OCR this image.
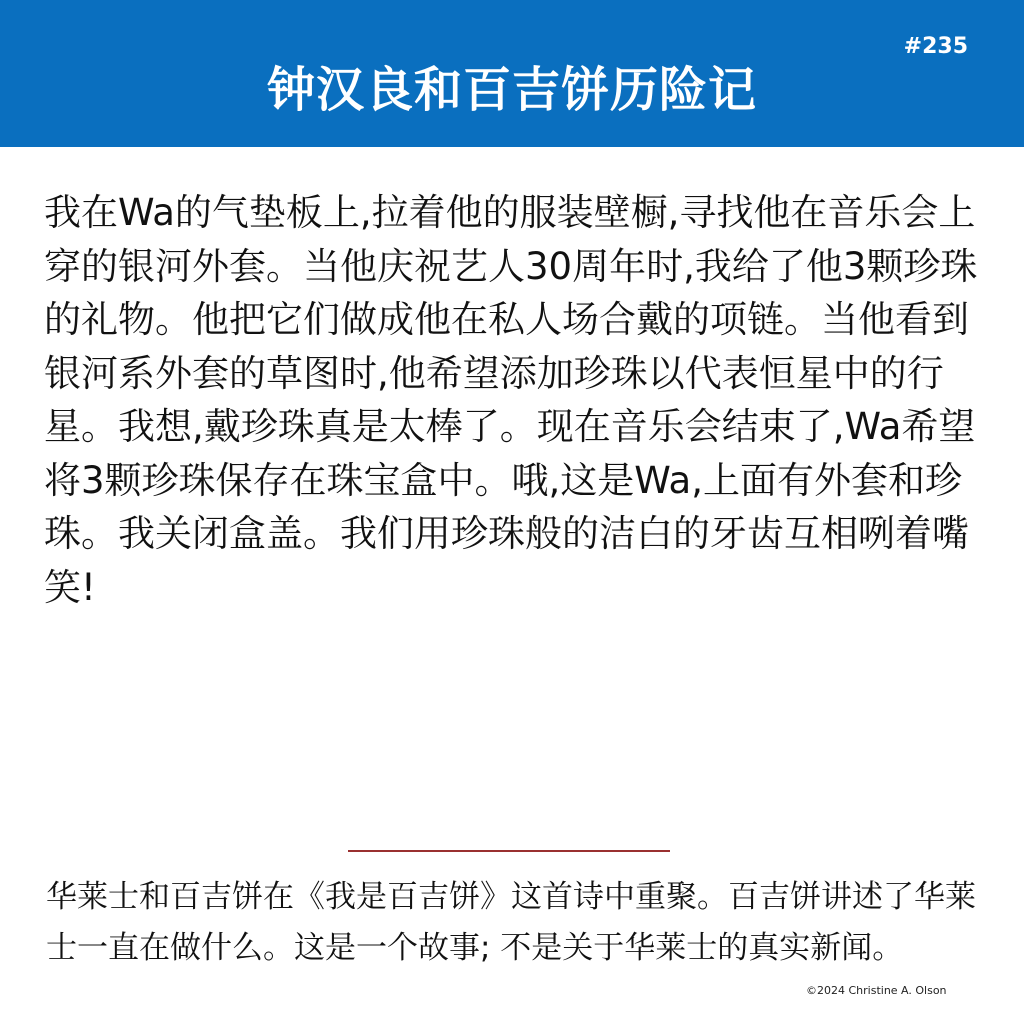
钟汉良和百吉饼历险记
#235

我在Wa的气垫板上,拉着他的服装壁橱,寻找他在音乐会上穿的银河外套。当他庆祝艺人30周年时,我给了他3颗珍珠的礼物。他把它们做成他在私人场合戴的项链。当他看到银河系外套的草图时,他希望添加珍珠以代表恒星中的行星。我想,戴珍珠真是太棒了。现在音乐会结束了,Wa希望将3颗珍珠保存在珠宝盒中。哦,这是Wa,上面有外套和珍珠。我关闭盒盖。我们用珍珠般的洁白的牙齿互相咧着嘴笑!

华莱士和百吉饼在《我是百吉饼》这首诗中重聚。百吉饼讲述了华莱士一直在做什么。这是一个故事; 不是关于华莱士的真实新闻。

©2024 Christine A. Olson
